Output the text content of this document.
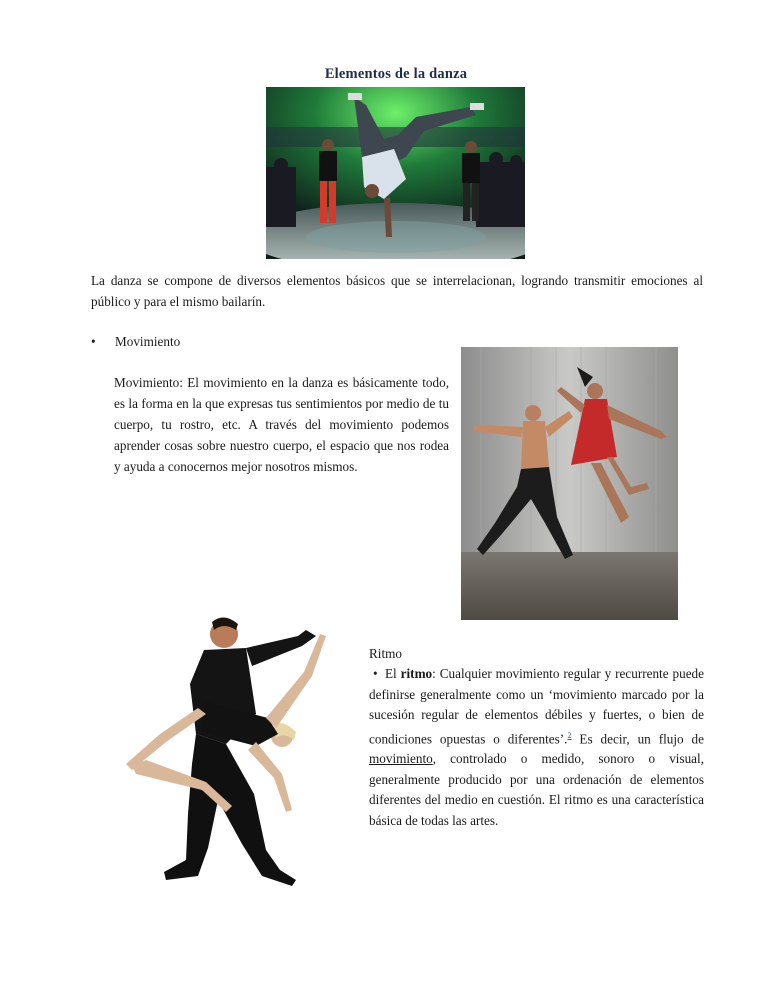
Elementos de la danza

La danza se compone de diversos elementos básicos que se interrelacionan, logrando transmitir emociones al público y para el mismo bailarín.

• Movimiento

Movimiento: El movimiento en la danza es básicamente todo, es la forma en la que expresas tus sentimientos por medio de tu cuerpo, tu rostro, etc. A través del movimiento podemos aprender cosas sobre nuestro cuerpo, el espacio que nos rodea y ayuda a conocernos mejor nosotros mismos.

Ritmo

• El ritmo: Cualquier movimiento regular y recurrente puede definirse generalmente como un ‘movimiento marcado por la sucesión regular de elementos débiles y fuertes, o bien de condiciones opuestas o diferentes’.$^2$ Es decir, un flujo de movimiento, controlado o medido, sonoro o visual, generalmente producido por una ordenación de elementos diferentes del medio en cuestión. El ritmo es una característica básica de todas las artes.
